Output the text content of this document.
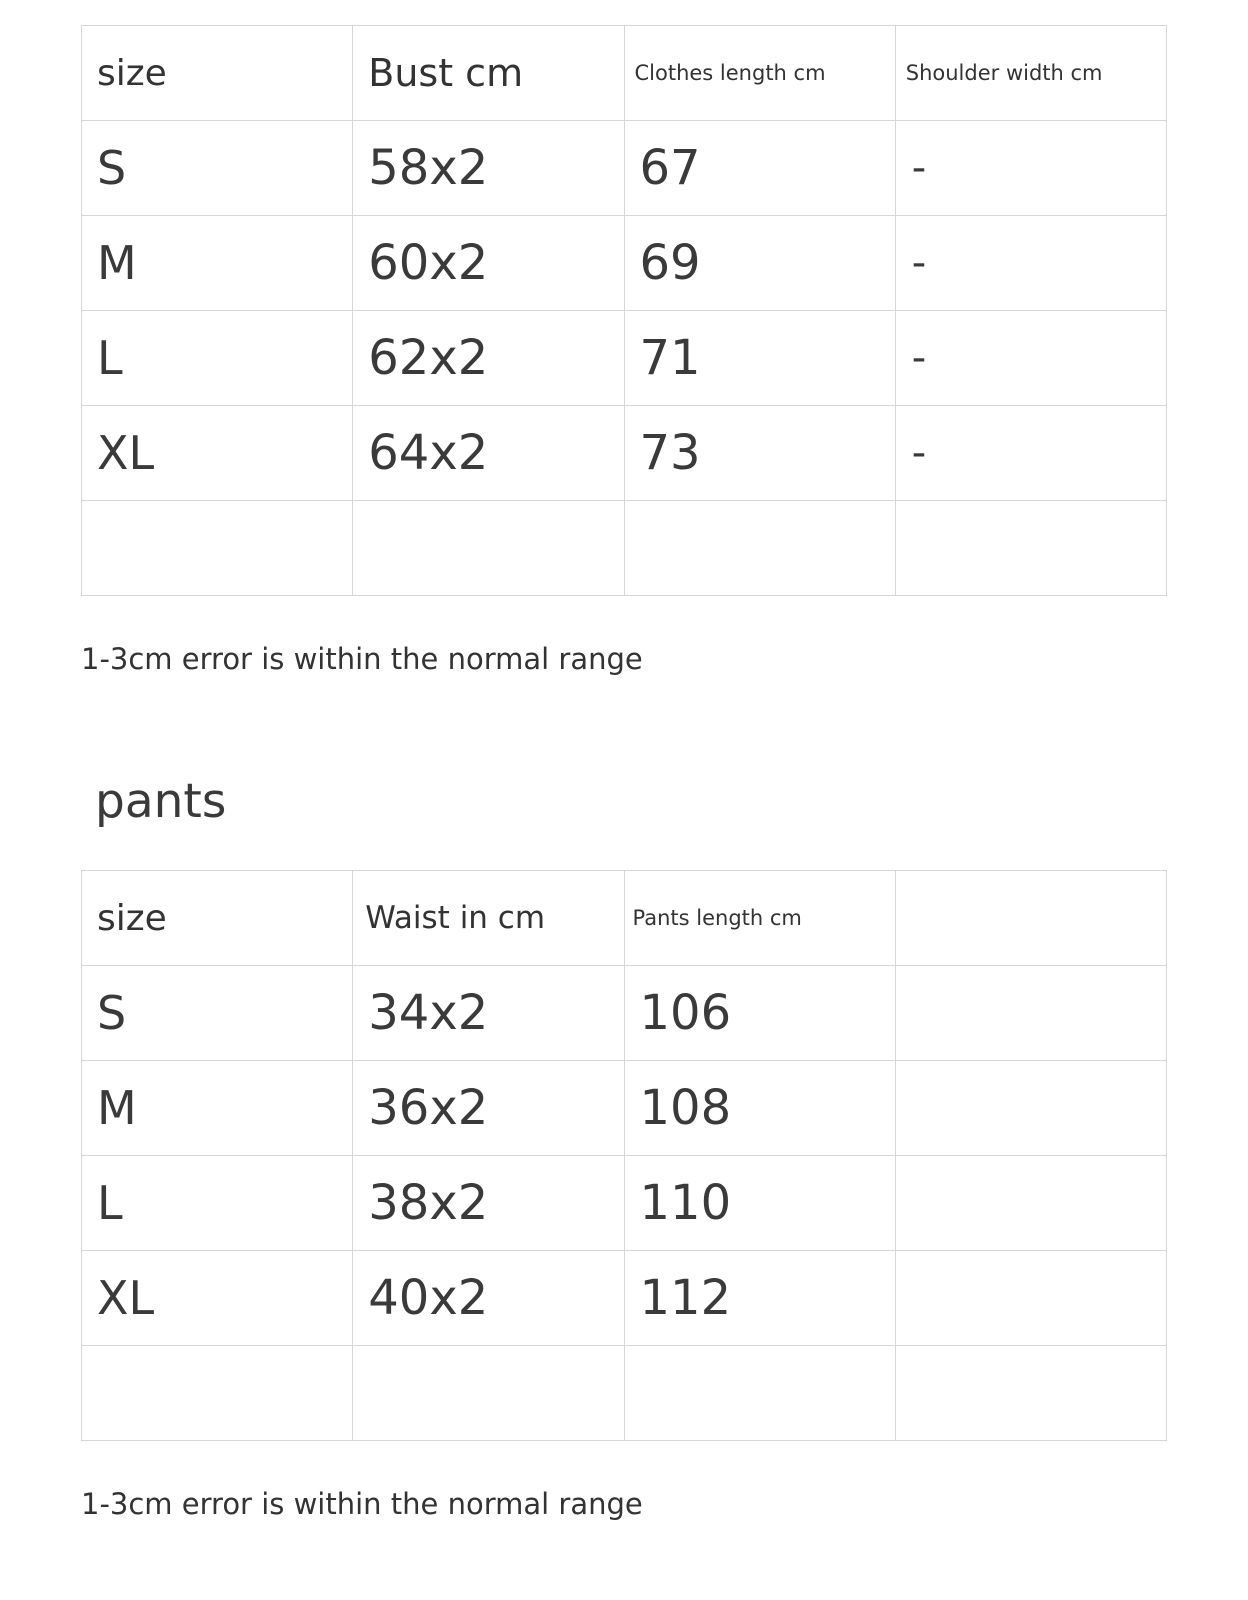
size	Bust cm	Clothes length cm	Shoulder width cm
S	58x2	67	-
M	60x2	69	-
L	62x2	71	-
XL	64x2	73	-

1-3cm error is within the normal range
pants
size	Waist in cm	Pants length cm	
S	34x2	106	
M	36x2	108	
L	38x2	110	
XL	40x2	112	

1-3cm error is within the normal range
